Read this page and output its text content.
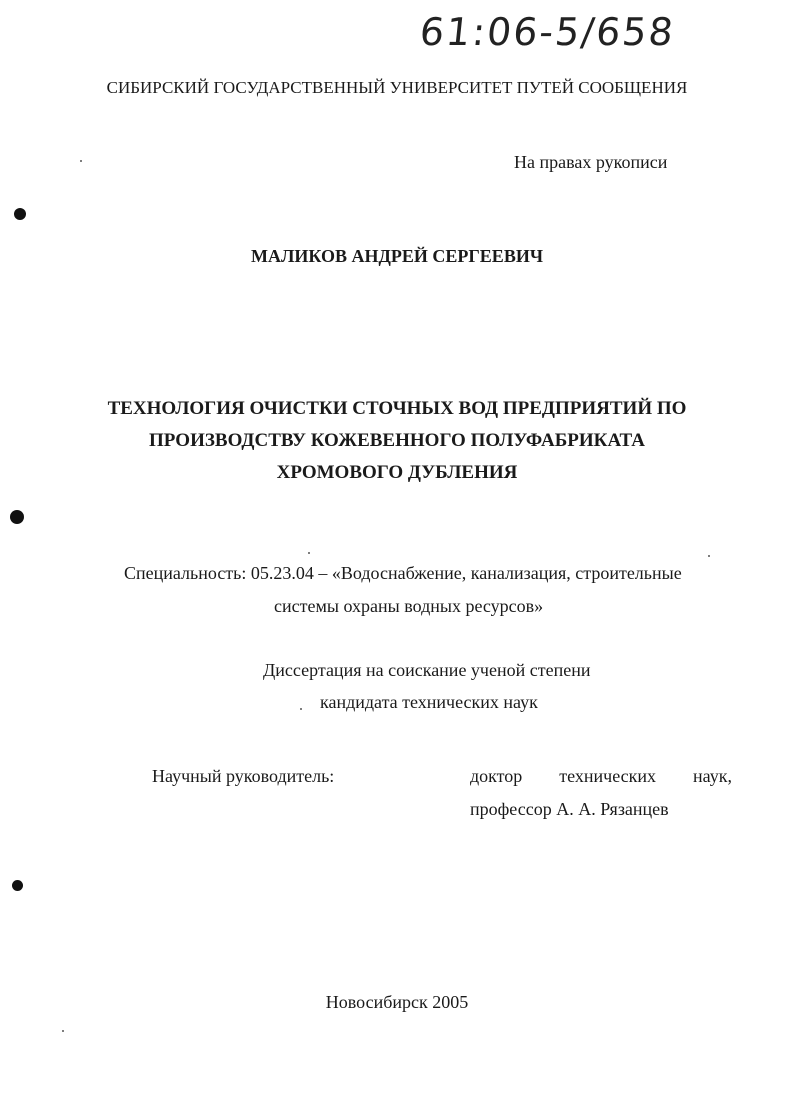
61:06-5/658
СИБИРСКИЙ ГОСУДАРСТВЕННЫЙ УНИВЕРСИТЕТ ПУТЕЙ СООБЩЕНИЯ
На правах рукописи
МАЛИКОВ АНДРЕЙ СЕРГЕЕВИЧ
ТЕХНОЛОГИЯ ОЧИСТКИ СТОЧНЫХ ВОД ПРЕДПРИЯТИЙ ПО
ПРОИЗВОДСТВУ КОЖЕВЕННОГО ПОЛУФАБРИКАТА
ХРОМОВОГО ДУБЛЕНИЯ
Специальность: 05.23.04 – «Водоснабжение, канализация, строительные
системы охраны водных ресурсов»
Диссертация на соискание ученой степени
кандидата технических наук
Научный руководитель:	доктор технических наук,
профессор А. А. Рязанцев
Новосибирск 2005
